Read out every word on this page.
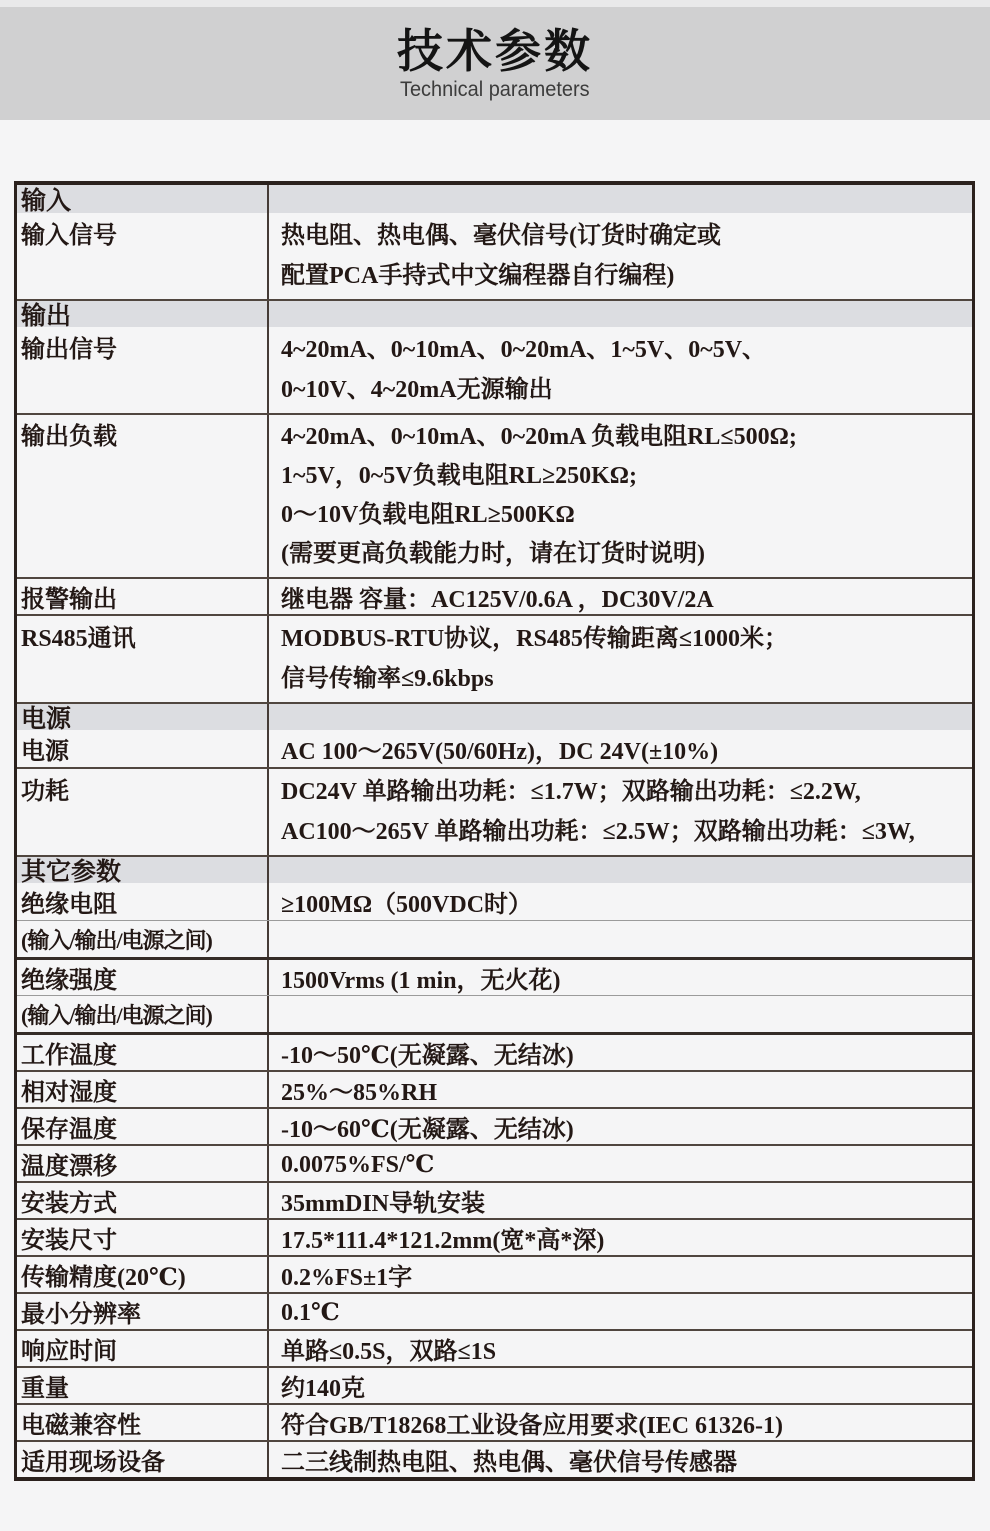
技术参数
Technical parameters
输入
输入信号	热电阻、热电偶、毫伏信号(订货时确定或
配置PCA手持式中文编程器自行编程)
输出
输出信号	4~20mA、0~10mA、0~20mA、1~5V、0~5V、
0~10V、4~20mA无源输出
输出负载	4~20mA、0~10mA、0~20mA 负载电阻RL≤500Ω;
1~5V，0~5V负载电阻RL≥250KΩ;
0～10V负载电阻RL≥500KΩ
(需要更高负载能力时，请在订货时说明)
报警输出	继电器 容量：AC125V/0.6A ，DC30V/2A
RS485通讯	MODBUS-RTU协议，RS485传输距离≤1000米；
信号传输率≤9.6kbps
电源
电源	AC 100～265V(50/60Hz)，DC 24V(±10%)
功耗	DC24V 单路输出功耗：≤1.7W；双路输出功耗：≤2.2W,
AC100～265V 单路输出功耗：≤2.5W；双路输出功耗：≤3W,
其它参数
绝缘电阻	≥100MΩ（500VDC时）
(输入/输出/电源之间)
绝缘强度	1500Vrms (1 min，无火花)
(输入/输出/电源之间)
工作温度	-10～50℃(无凝露、无结冰)
相对湿度	25%～85%RH
保存温度	-10～60℃(无凝露、无结冰)
温度漂移	0.0075%FS/℃
安装方式	35mmDIN导轨安装
安装尺寸	17.5*111.4*121.2mm(宽*高*深)
传输精度(20℃)	0.2%FS±1字
最小分辨率	0.1℃
响应时间	单路≤0.5S，双路≤1S
重量	约140克
电磁兼容性	符合GB/T18268工业设备应用要求(IEC 61326-1)
适用现场设备	二三线制热电阻、热电偶、毫伏信号传感器
